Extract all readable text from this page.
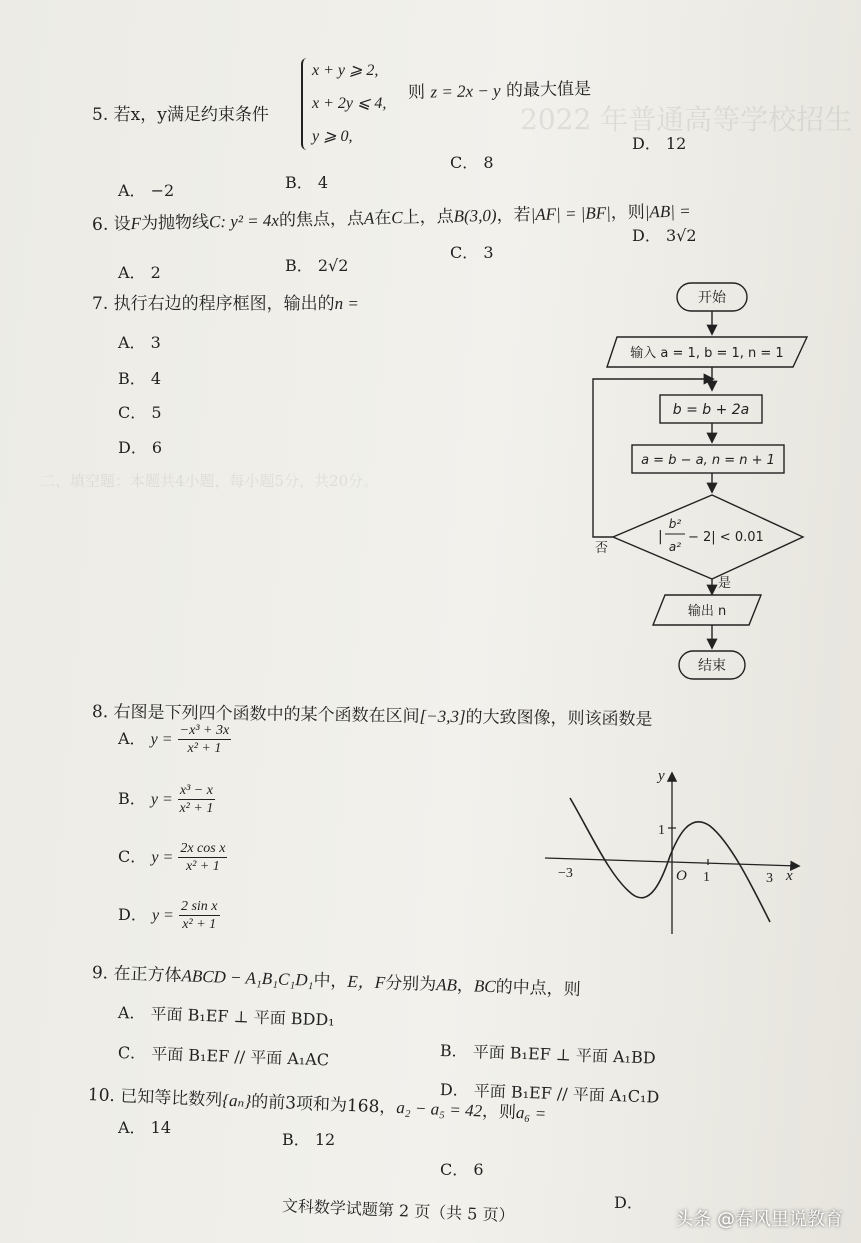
2022 年普通高等学校招生
二、填空题：本题共4小题，每小题5分，共20分。
5. 若x，y满足约束条件
x + y ⩾ 2,
x + 2y ⩽ 4,
y ⩾ 0,
则 z = 2x − y 的最大值是
A． −2	B． 4
C． 8
D． 12
6. 设F为抛物线C: y² = 4x的焦点，点A在C上，点B(3,0)，若|AF| = |BF|，则|AB| =
A． 2	B． 2√2
C． 3
D． 3√2
7. 执行右边的程序框图，输出的n =
A． 3
B． 4
C． 5
D． 6
开始
输入 a = 1, b = 1, n = 1
b = b + 2a
a = b − a, n = n + 1
|
b²
a²
− 2| < 0.01
否
是
输出 n
结束
8. 右图是下列四个函数中的某个函数在区间[−3,3]的大致图像，则该函数是
A． $y = \frac{\text{−x³ + 3x}}{\text{x² + 1}}$
B． $y = \frac{\text{x³ − x}}{\text{x² + 1}}$
C． $y = \frac{\text{2x cos x}}{\text{x² + 1}}$
D． $y = \frac{\text{2 sin x}}{\text{x² + 1}}$
y
x
O
−3	1	3
1
9. 在正方体ABCD − A₁B₁C₁D₁中，E，F分别为AB，BC的中点，则
A． 平面 B₁EF ⊥ 平面 BDD₁
B． 平面 B₁EF ⊥ 平面 A₁BD
C． 平面 B₁EF // 平面 A₁AC
D． 平面 B₁EF // 平面 A₁C₁D
10. 已知等比数列{aₙ}的前3项和为168，a₂ − a₅ = 42，则a₆ =
A． 14
B． 12
C． 6
D．
文科数学试题第 2 页（共 5 页）	头条 @春风里说教育
